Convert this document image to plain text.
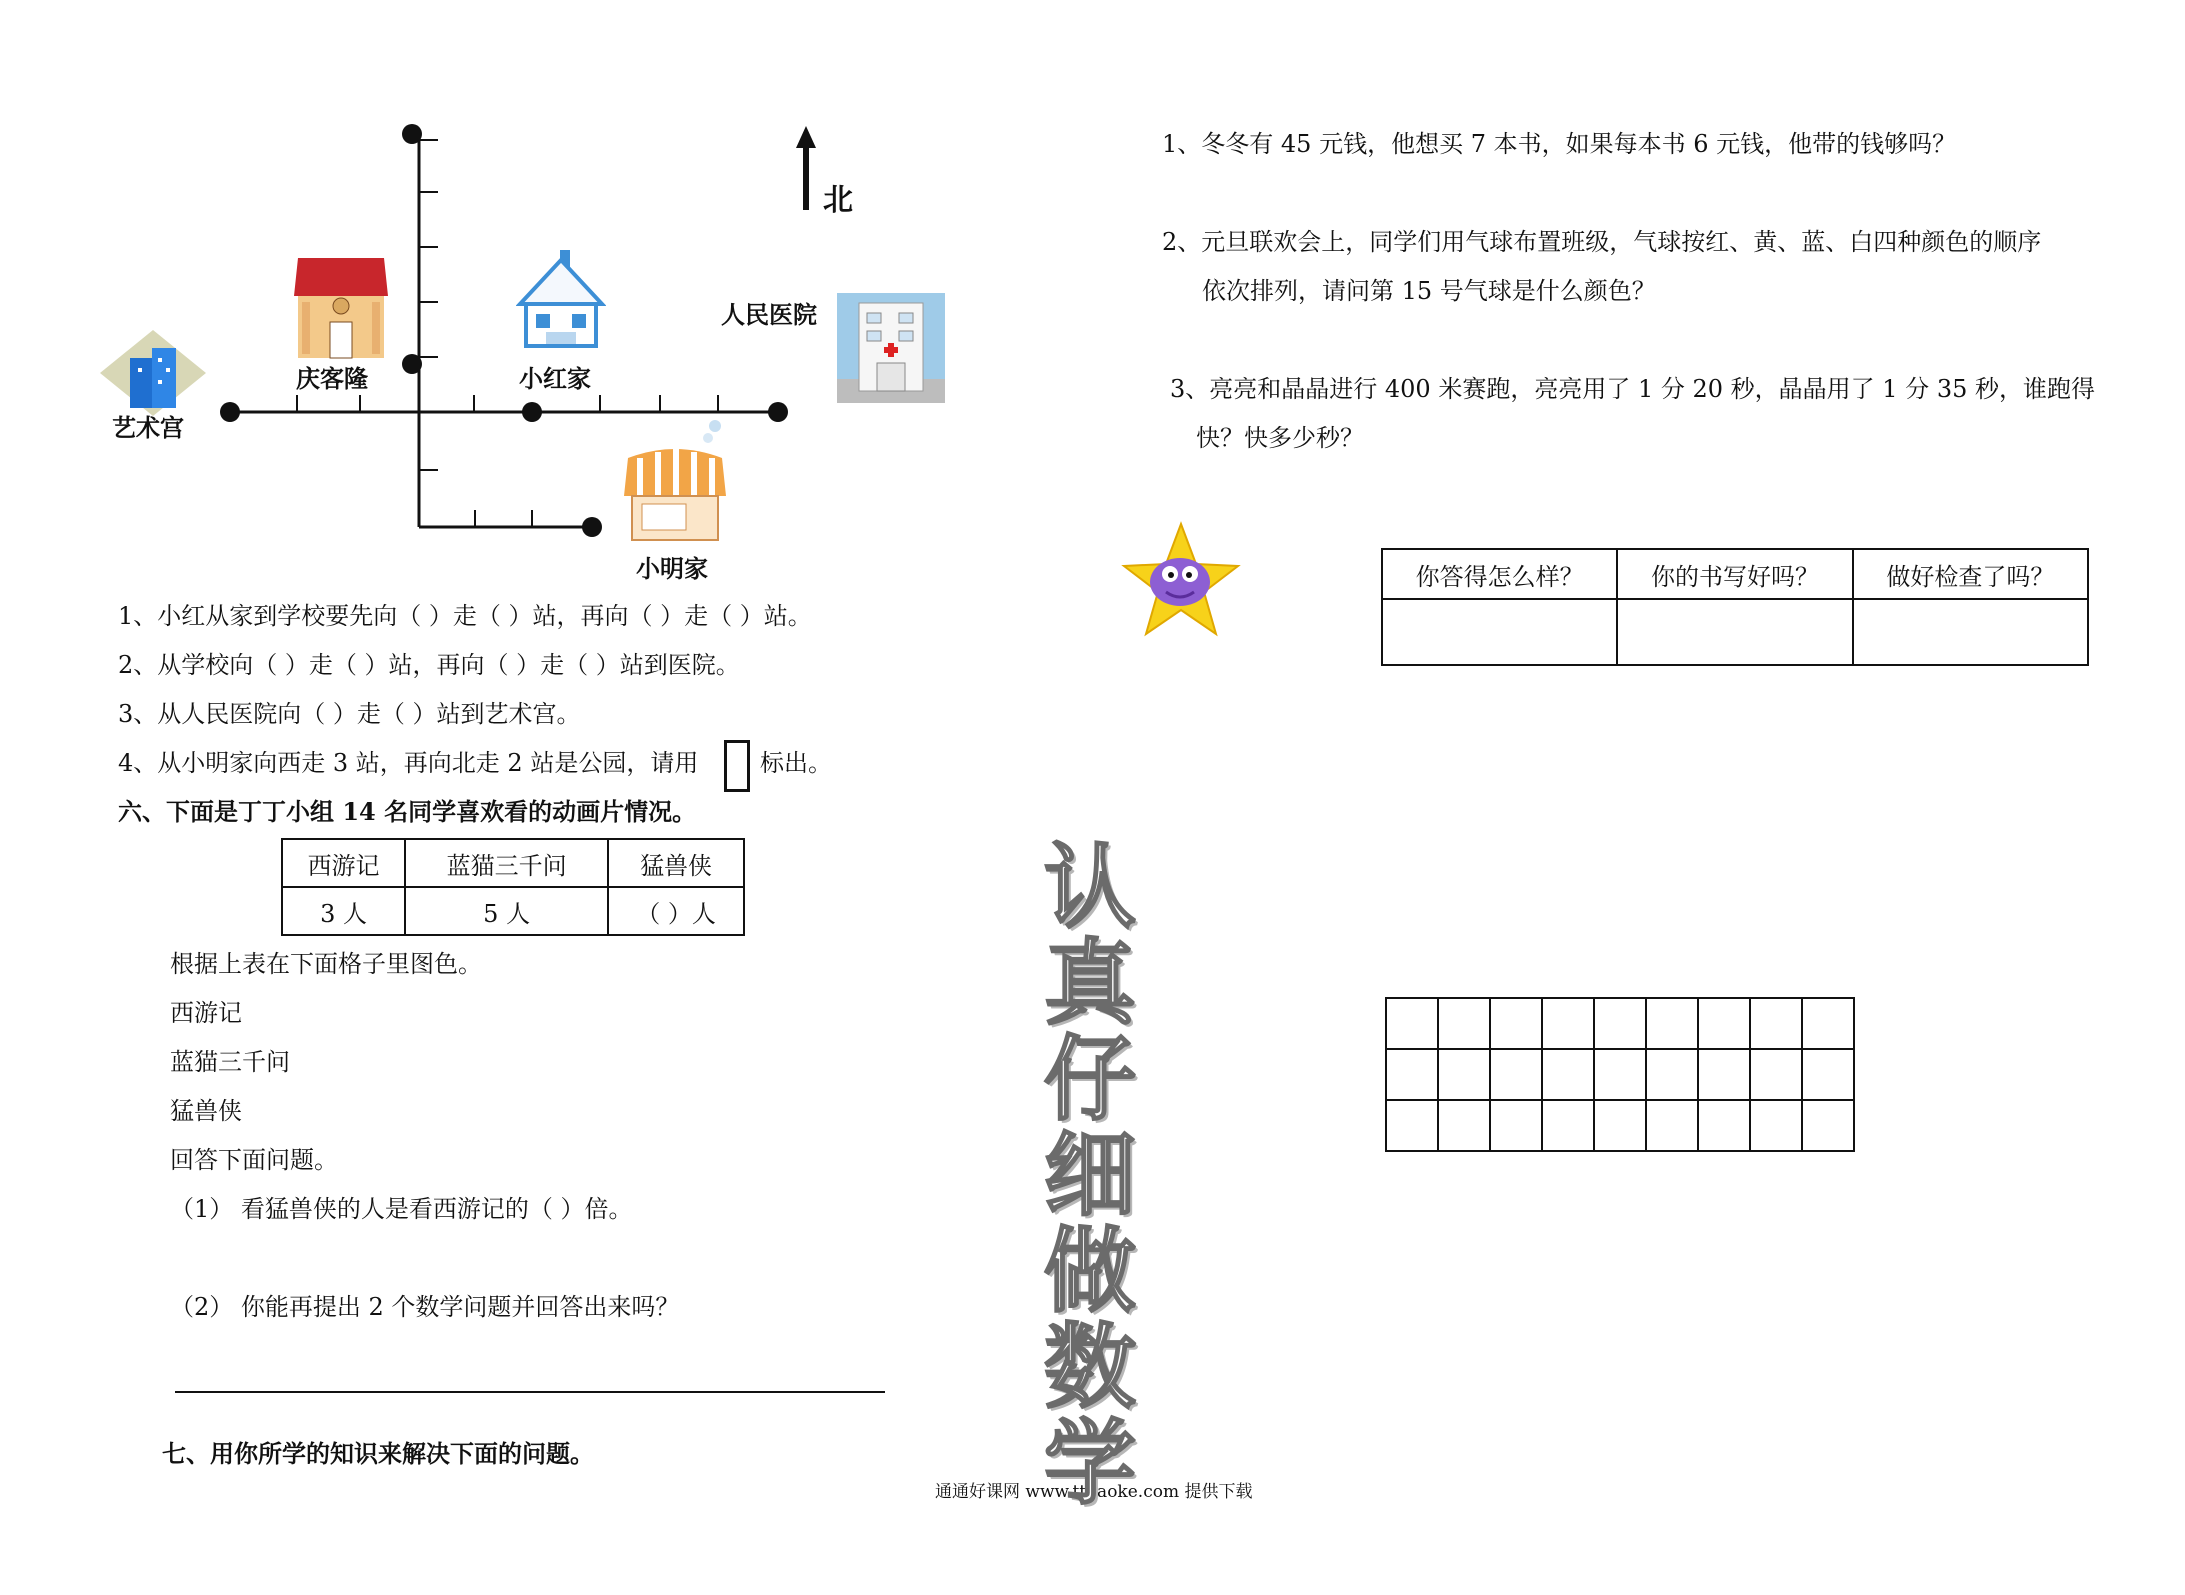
北
艺术宫
庆客隆	小红家
人民医院
小明家
1、小红从家到学校要先向（ ）走（ ）站，再向（ ）走（ ）站。
2、从学校向（ ）走（ ）站，再向（ ）走（ ）站到医院。
3、从人民医院向（ ）走（ ）站到艺术宫。
4、从小明家向西走 3 站，再向北走 2 站是公园，请用	标出。
六、下面是丁丁小组 14 名同学喜欢看的动画片情况。
西游记	蓝猫三千问	猛兽侠
3 人	5 人	（ ）人
根据上表在下面格子里图色。
西游记
蓝猫三千问
猛兽侠
回答下面问题。
（1） 看猛兽侠的人是看西游记的（ ）倍。
（2） 你能再提出 2 个数学问题并回答出来吗？
七、用你所学的知识来解决下面的问题。
通通好课网 www.tthaoke.com 提供下载
认
真
仔
细
做
数
学
1、冬冬有 45 元钱，他想买 7 本书，如果每本书 6 元钱，他带的钱够吗？
2、元旦联欢会上，同学们用气球布置班级，气球按红、黄、蓝、白四种颜色的顺序
依次排列，请问第 15 号气球是什么颜色？
3、亮亮和晶晶进行 400 米赛跑，亮亮用了 1 分 20 秒，晶晶用了 1 分 35 秒，谁跑得
快？快多少秒？
你答得怎么样？	你的书写好吗？	做好检查了吗？
